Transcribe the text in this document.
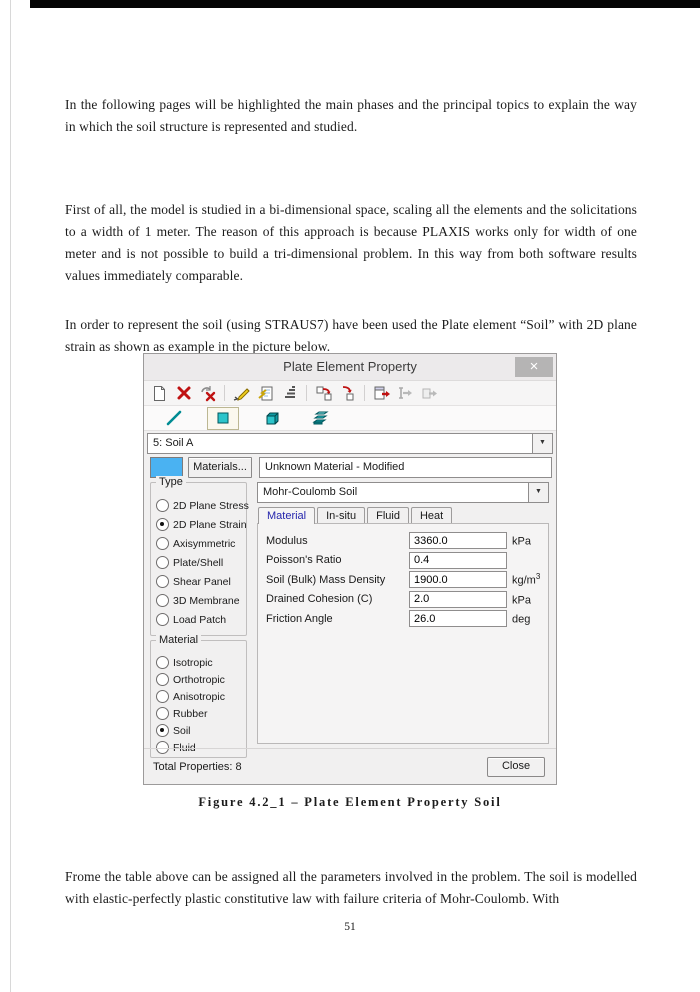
In the following pages will be highlighted the main phases and the principal topics to explain the way in which the soil structure is represented and studied.

First of all, the model is studied in a bi-dimensional space, scaling all the elements and the solicitations to a width of 1 meter. The reason of this approach is because PLAXIS works only for width of one meter and is not possible to build a tri-dimensional problem. In this way from both software results values immediately comparable.

In order to represent the soil (using STRAUS7) have been used the Plate element “Soil” with 2D plane strain as shown as example in the picture below.

Plate Element Property
×
5: Soil A
▼
Materials...	Unknown Material - Modified
Type
2D Plane Stress
2D Plane Strain
Axisymmetric
Plate/Shell
Shear Panel
3D Membrane
Load Patch
Material
Isotropic
Orthotropic
Anisotropic
Rubber
Soil
Fluid
Mohr-Coulomb Soil
▼
Material	In-situ	Fluid	Heat
Modulus
3360.0	kPa
Poisson's Ratio
0.4
Soil (Bulk) Mass Density
1900.0	$kg/m^3$
Drained Cohesion (C)
2.0	kPa
Friction Angle
26.0	deg
Total Properties: 8	Close
Figure 4.2_1 – Plate Element Property Soil

Frome the table above can be assigned all the parameters involved in the problem. The soil is modelled with elastic-perfectly plastic constitutive law with failure criteria of Mohr-Coulomb. With

51
